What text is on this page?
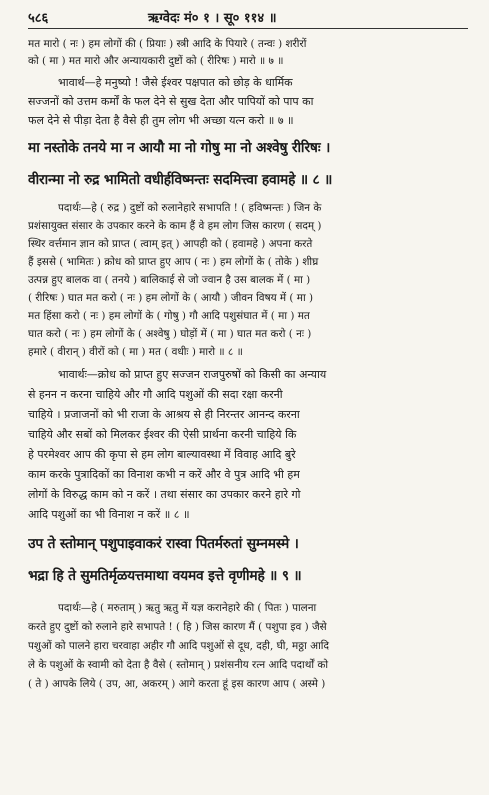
५८६	ऋग्वेदः मं० १ । सू० ११४ ॥
मत मारो ( नः ) हम लोगों की ( प्रियाः ) स्त्री आदि के पियारे ( तन्वः ) शरीरों
को ( मा ) मत मारो और अन्यायकारी दुष्टों को ( रीरिषः ) मारो ॥ ७ ॥
भावार्थ—हे मनुष्यो ! जैसे ईश्वर पक्षपात को छोड़ के धार्मिक
सज्जनों को उत्तम कर्मों के फल देने से सुख देता और पापियों को पाप का
फल देने से पीड़ा देता है वैसे ही तुम लोग भी अच्छा यत्न करो ॥ ७ ॥
मा नस्तोके तनये मा न आयौ मा नो गोषु मा नो अश्वेषु रीरिषः ।
वीरान्मा नो रुद्र भामितो वधीर्हविष्मन्तः सदमित्त्वा हवामहे ॥ ८ ॥
पदार्थः—हे ( रुद्र ) दुष्टों को रुलानेहारे सभापति ! ( हविष्मन्तः ) जिन के
प्रशंसायुक्त संसार के उपकार करने के काम हैं वे हम लोग जिस कारण ( सदम् )
स्थिर वर्त्तमान ज्ञान को प्राप्त ( त्वाम् इत् ) आपही को ( हवामहे ) अपना करते
हैं इससे ( भामितः ) क्रोध को प्राप्त हुए आप ( नः ) हम लोगों के ( तोके ) शीघ्र
उत्पन्न हुए बालक वा ( तनये ) बालिकाई से जो ज्वान है उस बालक में ( मा )
( रीरिषः ) घात मत करो ( नः ) हम लोगों के ( आयौ ) जीवन विषय में ( मा )
मत हिंसा करो ( नः ) हम लोगों के ( गोषु ) गौ आदि पशुसंघात में ( मा ) मत
घात करो ( नः ) हम लोगों के ( अश्वेषु ) घोड़ों में ( मा ) घात मत करो ( नः )
हमारे ( वीरान् ) वीरों को ( मा ) मत ( वधीः ) मारो ॥ ८ ॥
भावार्थः—क्रोध को प्राप्त हुए सज्जन राजपुरुषों को किसी का अन्याय
से हनन न करना चाहिये और गौ आदि पशुओं की सदा रक्षा करनी
चाहिये । प्रजाजनों को भी राजा के आश्रय से ही निरन्तर आनन्द करना
चाहिये और सबों को मिलकर ईश्वर की ऐसी प्रार्थना करनी चाहिये कि
हे परमेश्वर आप की कृपा से हम लोग बाल्यावस्था में विवाह आदि बुरे
काम करके पुत्रादिकों का विनाश कभी न करें और वे पुत्र आदि भी हम
लोगों के विरुद्ध काम को न करें । तथा संसार का उपकार करने हारे गो
आदि पशुओं का भी विनाश न करें ॥ ८ ॥
उप ते स्तोमान् पशुपाइवाकरं रास्वा पितर्मरुतां सुम्नमस्मे ।
भद्रा हि ते सुमतिर्मृळयत्तमाथा वयमव इत्ते वृणीमहे ॥ ९ ॥
पदार्थः—हे ( मरुताम् ) ऋतु ऋतु में यज्ञ करानेहारे की ( पितः ) पालना
करते हुए दुष्टों को रुलाने हारे सभापते ! ( हि ) जिस कारण मैं ( पशुपा इव ) जैसे
पशुओं को पालने हारा चरवाहा अहीर गौ आदि पशुओं से दूध, दही, घी, मठ्ठा आदि
ले के पशुओं के स्वामी को देता है वैसे ( स्तोमान् ) प्रशंसनीय रत्न आदि पदार्थों को
( ते ) आपके लिये ( उप, आ, अकरम् ) आगे करता हूं इस कारण आप ( अस्मे )
